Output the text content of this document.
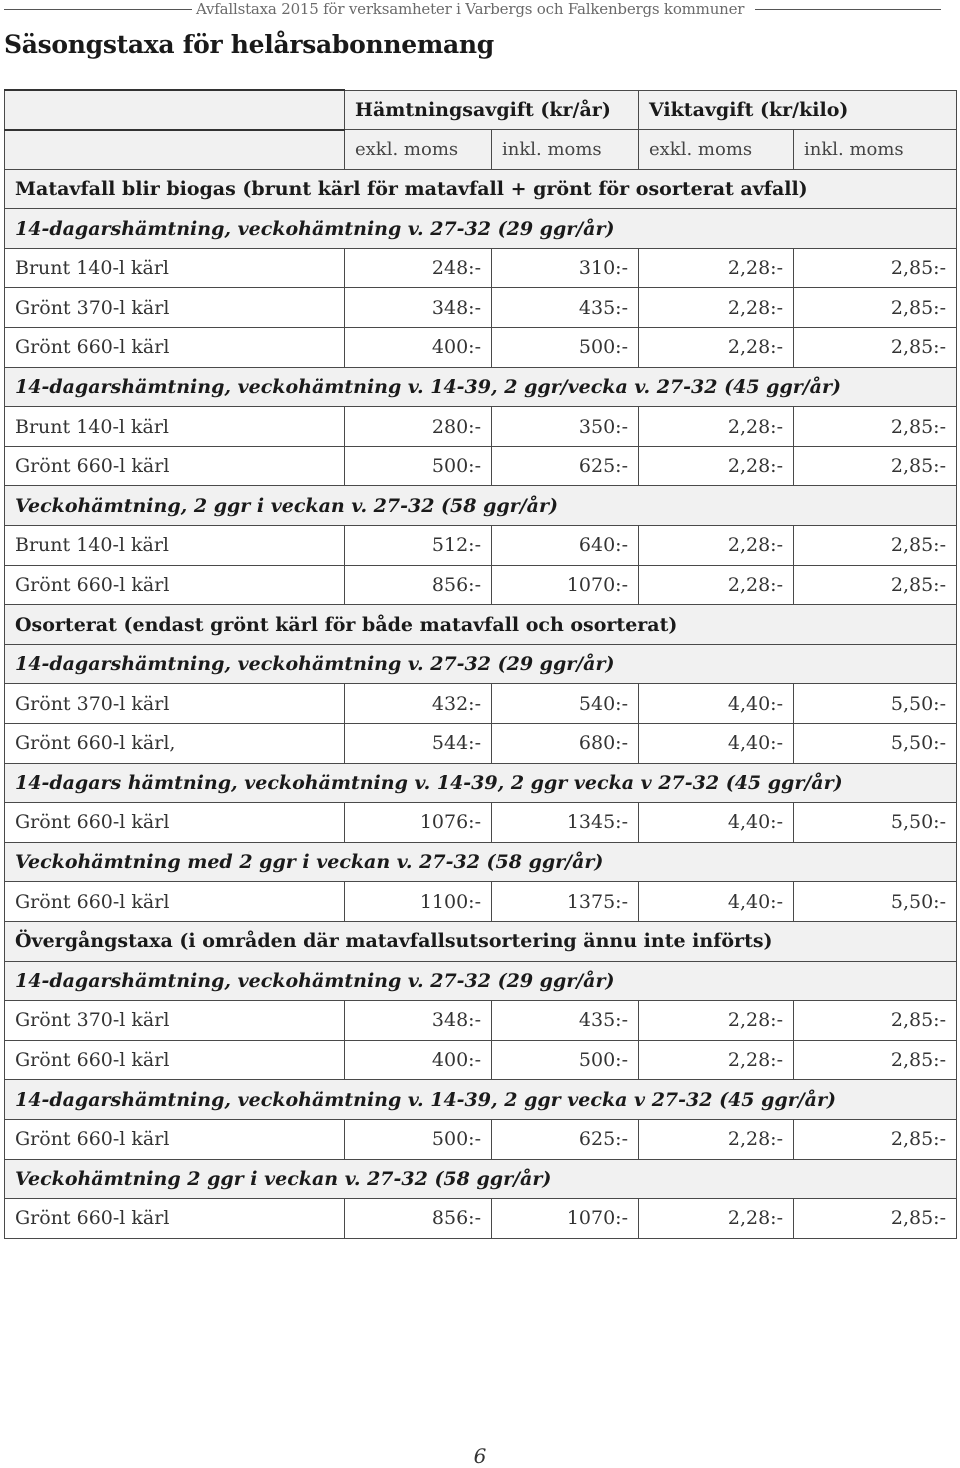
Avfallstaxa 2015 för verksamheter i Varbergs och Falkenbergs kommuner
Säsongstaxa för helårsabonnemang
	Hämtningsavgift (kr/år)		Viktavgift (kr/kilo)	
	exkl. moms	inkl. moms	exkl. moms	inkl. moms
Matavfall blir biogas (brunt kärl för matavfall + grönt för osorterat avfall)				
14-dagarshämtning, veckohämtning v. 27-32 (29 ggr/år)				
Brunt 140-l kärl	248:-	310:-	2,28:-	2,85:-
Grönt 370-l kärl	348:-	435:-	2,28:-	2,85:-
Grönt 660-l kärl	400:-	500:-	2,28:-	2,85:-
14-dagarshämtning, veckohämtning v. 14-39, 2 ggr/vecka v. 27-32 (45 ggr/år)				
Brunt 140-l kärl	280:-	350:-	2,28:-	2,85:-
Grönt 660-l kärl	500:-	625:-	2,28:-	2,85:-
Veckohämtning, 2 ggr i veckan v. 27-32 (58 ggr/år)				
Brunt 140-l kärl	512:-	640:-	2,28:-	2,85:-
Grönt 660-l kärl	856:-	1070:-	2,28:-	2,85:-
Osorterat (endast grönt kärl för både matavfall och osorterat)				
14-dagarshämtning, veckohämtning v. 27-32 (29 ggr/år)				
Grönt 370-l kärl	432:-	540:-	4,40:-	5,50:-
Grönt 660-l kärl,	544:-	680:-	4,40:-	5,50:-
14-dagars hämtning, veckohämtning v. 14-39, 2 ggr vecka v 27-32 (45 ggr/år)				
Grönt 660-l kärl	1076:-	1345:-	4,40:-	5,50:-
Veckohämtning med 2 ggr i veckan v. 27-32 (58 ggr/år)				
Grönt 660-l kärl	1100:-	1375:-	4,40:-	5,50:-
Övergångstaxa (i områden där matavfallsutsortering ännu inte införts)				
14-dagarshämtning, veckohämtning v. 27-32 (29 ggr/år)				
Grönt 370-l kärl	348:-	435:-	2,28:-	2,85:-
Grönt 660-l kärl	400:-	500:-	2,28:-	2,85:-
14-dagarshämtning, veckohämtning v. 14-39, 2 ggr vecka v 27-32 (45 ggr/år)				
Grönt 660-l kärl	500:-	625:-	2,28:-	2,85:-
Veckohämtning 2 ggr i veckan v. 27-32 (58 ggr/år)				
Grönt 660-l kärl	856:-	1070:-	2,28:-	2,85:-
6
